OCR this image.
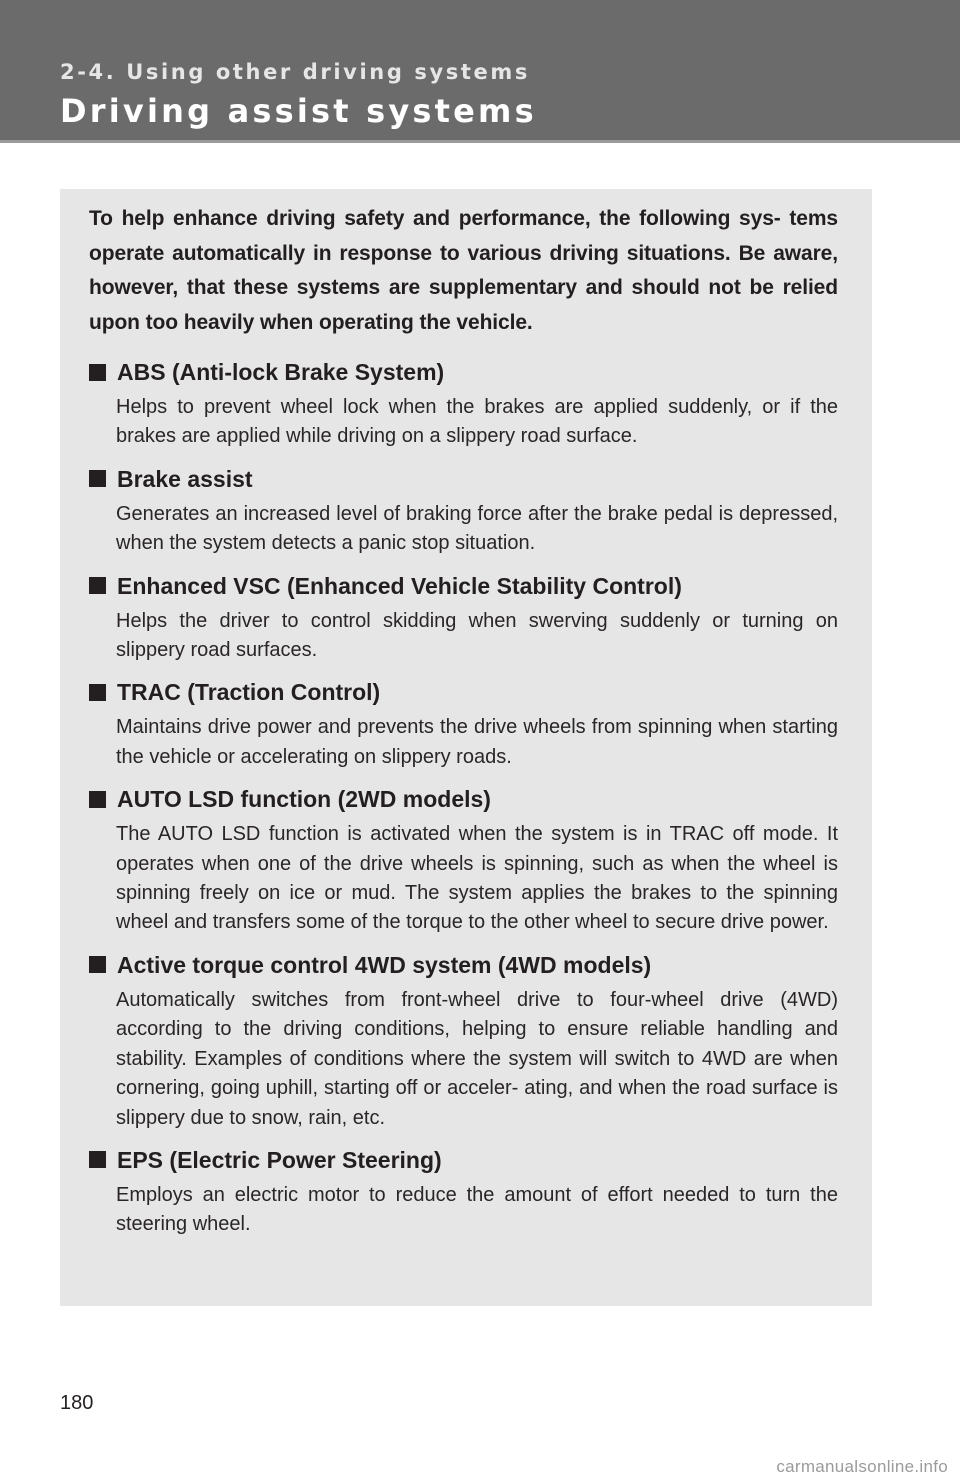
2-4. Using other driving systems
Driving assist systems

To help enhance driving safety and performance, the following sys- tems operate automatically in response to various driving situations. Be aware, however, that these systems are supplementary and should not be relied upon too heavily when operating the vehicle.

ABS (Anti-lock Brake System)
Helps to prevent wheel lock when the brakes are applied suddenly, or if the brakes are applied while driving on a slippery road surface.
Brake assist
Generates an increased level of braking force after the brake pedal is depressed, when the system detects a panic stop situation.
Enhanced VSC (Enhanced Vehicle Stability Control)
Helps the driver to control skidding when swerving suddenly or turning on slippery road surfaces.
TRAC (Traction Control)
Maintains drive power and prevents the drive wheels from spinning when starting the vehicle or accelerating on slippery roads.
AUTO LSD function (2WD models)
The AUTO LSD function is activated when the system is in TRAC off mode. It operates when one of the drive wheels is spinning, such as when the wheel is spinning freely on ice or mud. The system applies the brakes to the spinning wheel and transfers some of the torque to the other wheel to secure drive power.
Active torque control 4WD system (4WD models)
Automatically switches from front-wheel drive to four-wheel drive (4WD) according to the driving conditions, helping to ensure reliable handling and stability. Examples of conditions where the system will switch to 4WD are when cornering, going uphill, starting off or acceler- ating, and when the road surface is slippery due to snow, rain, etc.
EPS (Electric Power Steering)
Employs an electric motor to reduce the amount of effort needed to turn the steering wheel.
180
carmanualsonline.info
